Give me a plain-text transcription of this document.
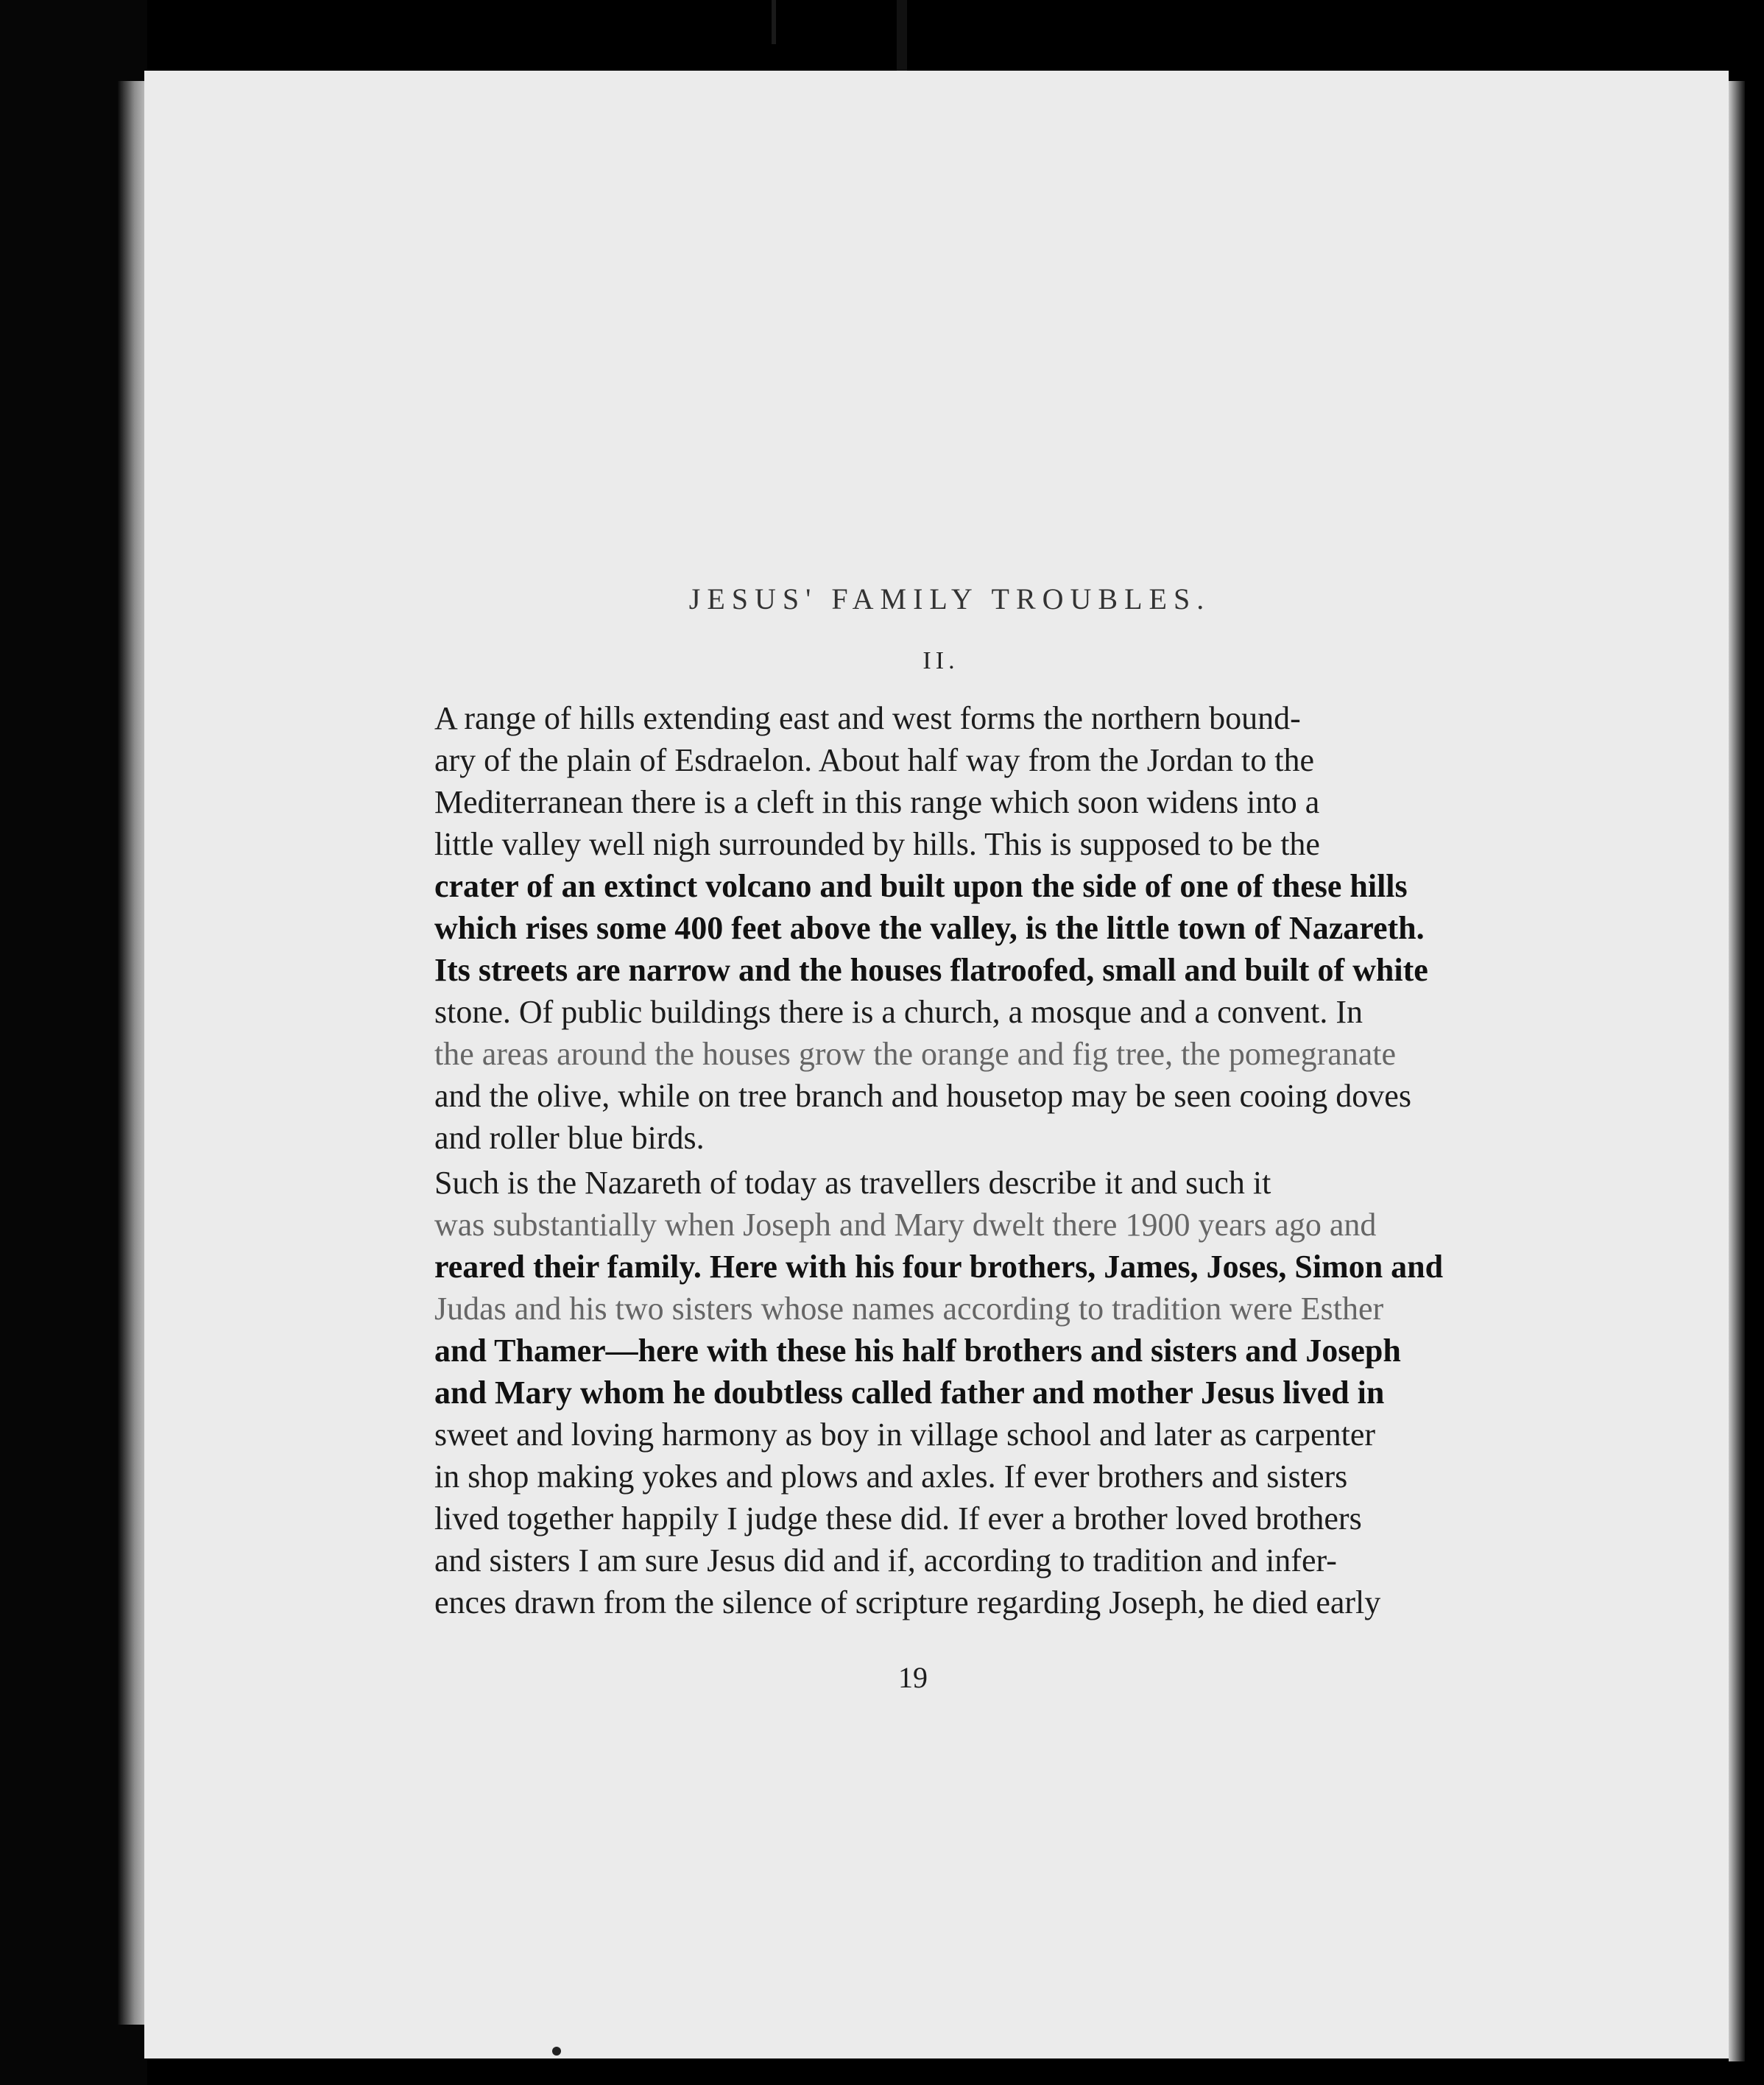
JESUS' FAMILY TROUBLES.
II.
A range of hills extending east and west forms the northern bound-
ary of the plain of Esdraelon. About half way from the Jordan to the
Mediterranean there is a cleft in this range which soon widens into a
little valley well nigh surrounded by hills. This is supposed to be the
crater of an extinct volcano and built upon the side of one of these hills
which rises some 400 feet above the valley, is the little town of Nazareth.
Its streets are narrow and the houses flatroofed, small and built of white
stone. Of public buildings there is a church, a mosque and a convent. In
the areas around the houses grow the orange and fig tree, the pomegranate
and the olive, while on tree branch and housetop may be seen cooing doves
and roller blue birds.
Such is the Nazareth of today as travellers describe it and such it
was substantially when Joseph and Mary dwelt there 1900 years ago and
reared their family. Here with his four brothers, James, Joses, Simon and
Judas and his two sisters whose names according to tradition were Esther
and Thamer—here with these his half brothers and sisters and Joseph
and Mary whom he doubtless called father and mother Jesus lived in
sweet and loving harmony as boy in village school and later as carpenter
in shop making yokes and plows and axles. If ever brothers and sisters
lived together happily I judge these did. If ever a brother loved brothers
and sisters I am sure Jesus did and if, according to tradition and infer-
ences drawn from the silence of scripture regarding Joseph, he died early
19
